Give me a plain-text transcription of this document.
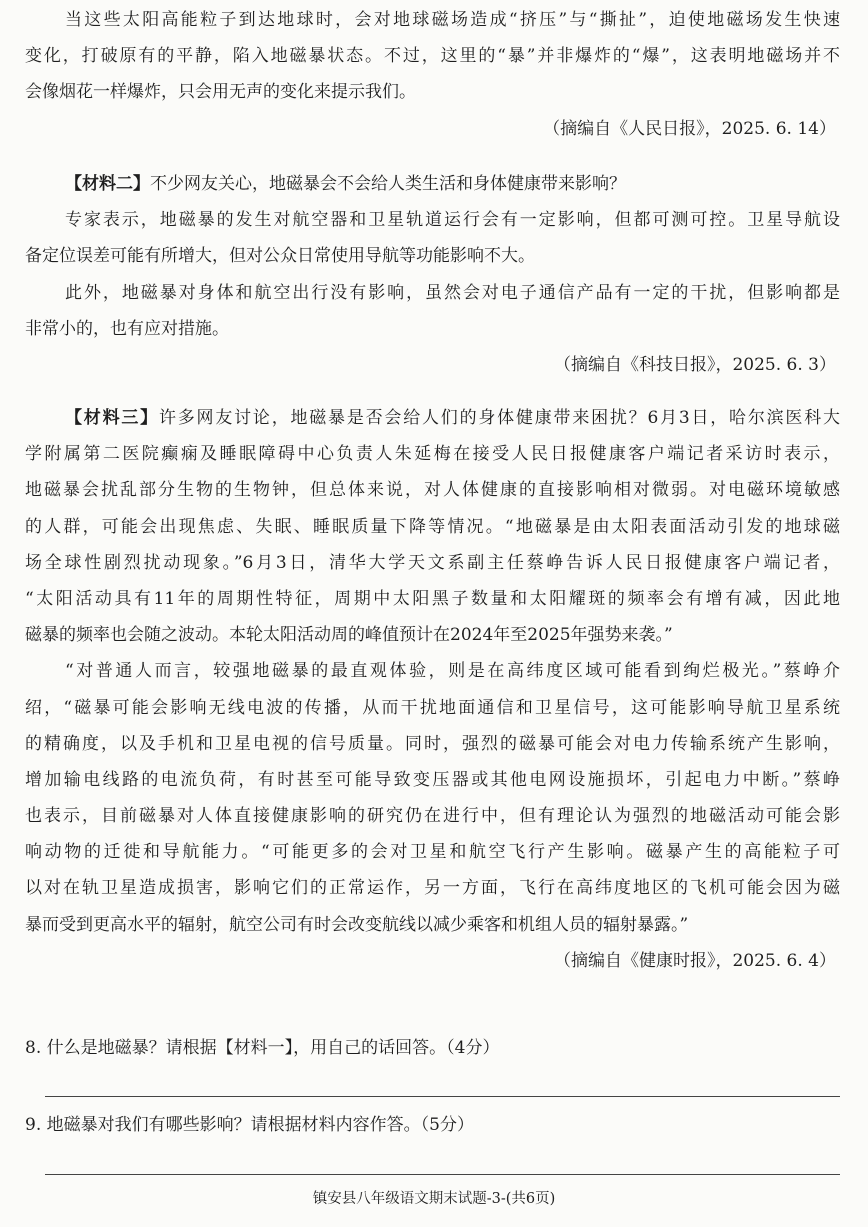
当这些太阳高能粒子到达地球时，会对地球磁场造成“挤压”与“撕扯”，迫使地磁场发生快速
变化，打破原有的平静，陷入地磁暴状态。不过，这里的“暴”并非爆炸的“爆”，这表明地磁场并不
会像烟花一样爆炸，只会用无声的变化来提示我们。
（摘编自《人民日报》，2025. 6. 14）
【材料二】不少网友关心，地磁暴会不会给人类生活和身体健康带来影响？
专家表示，地磁暴的发生对航空器和卫星轨道运行会有一定影响，但都可测可控。卫星导航设
备定位误差可能有所增大，但对公众日常使用导航等功能影响不大。
此外，地磁暴对身体和航空出行没有影响，虽然会对电子通信产品有一定的干扰，但影响都是
非常小的，也有应对措施。
（摘编自《科技日报》，2025. 6. 3）
【材料三】许多网友讨论，地磁暴是否会给人们的身体健康带来困扰？6月3日，哈尔滨医科大
学附属第二医院癫痫及睡眠障碍中心负责人朱延梅在接受人民日报健康客户端记者采访时表示，
地磁暴会扰乱部分生物的生物钟，但总体来说，对人体健康的直接影响相对微弱。对电磁环境敏感
的人群，可能会出现焦虑、失眠、睡眠质量下降等情况。“地磁暴是由太阳表面活动引发的地球磁
场全球性剧烈扰动现象。”6月3日，清华大学天文系副主任蔡峥告诉人民日报健康客户端记者，
“太阳活动具有11年的周期性特征，周期中太阳黑子数量和太阳耀斑的频率会有增有减，因此地
磁暴的频率也会随之波动。本轮太阳活动周的峰值预计在2024年至2025年强势来袭。”
“对普通人而言，较强地磁暴的最直观体验，则是在高纬度区域可能看到绚烂极光。”蔡峥介
绍，“磁暴可能会影响无线电波的传播，从而干扰地面通信和卫星信号，这可能影响导航卫星系统
的精确度，以及手机和卫星电视的信号质量。同时，强烈的磁暴可能会对电力传输系统产生影响，
增加输电线路的电流负荷，有时甚至可能导致变压器或其他电网设施损坏，引起电力中断。”蔡峥
也表示，目前磁暴对人体直接健康影响的研究仍在进行中，但有理论认为强烈的地磁活动可能会影
响动物的迁徙和导航能力。“可能更多的会对卫星和航空飞行产生影响。磁暴产生的高能粒子可
以对在轨卫星造成损害，影响它们的正常运作，另一方面，飞行在高纬度地区的飞机可能会因为磁
暴而受到更高水平的辐射，航空公司有时会改变航线以减少乘客和机组人员的辐射暴露。”
（摘编自《健康时报》，2025. 6. 4）
8. 什么是地磁暴？请根据【材料一】，用自己的话回答。（4分）
9. 地磁暴对我们有哪些影响？请根据材料内容作答。（5分）
镇安县八年级语文期末试题-3-(共6页)
